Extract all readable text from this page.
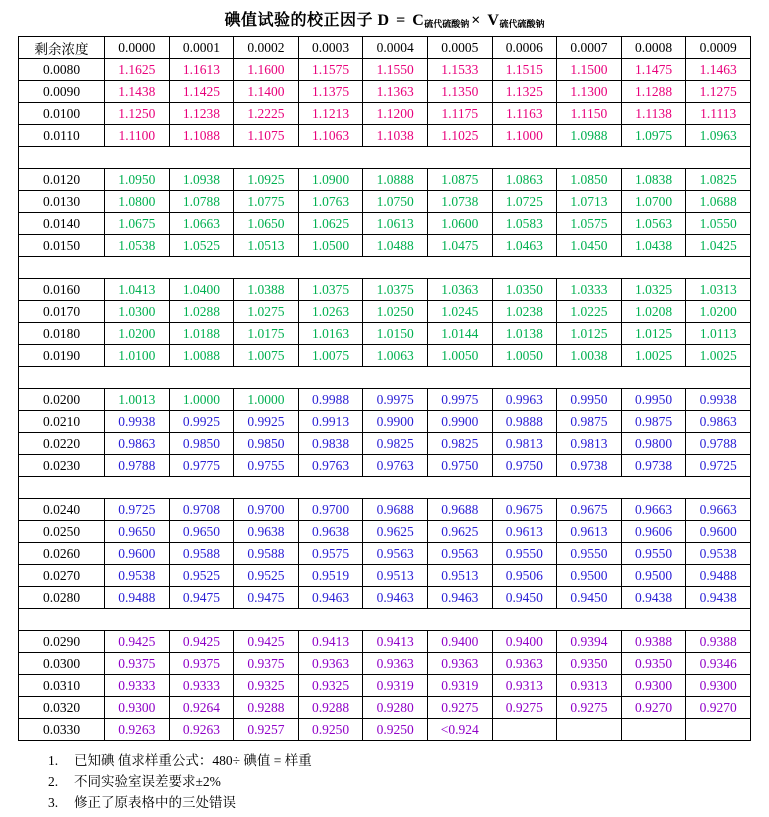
碘值试验的校正因子 D = C硫代硫酸钠 × V硫代硫酸钠
剩余浓度	0.0000	0.0001	0.0002	0.0003	0.0004	0.0005	0.0006	0.0007	0.0008	0.0009
0.0080	1.1625	1.1613	1.1600	1.1575	1.1550	1.1533	1.1515	1.1500	1.1475	1.1463
0.0090	1.1438	1.1425	1.1400	1.1375	1.1363	1.1350	1.1325	1.1300	1.1288	1.1275
0.0100	1.1250	1.1238	1.2225	1.1213	1.1200	1.1175	1.1163	1.1150	1.1138	1.1113
0.0110	1.1100	1.1088	1.1075	1.1063	1.1038	1.1025	1.1000	1.0988	1.0975	1.0963

0.0120	1.0950	1.0938	1.0925	1.0900	1.0888	1.0875	1.0863	1.0850	1.0838	1.0825
0.0130	1.0800	1.0788	1.0775	1.0763	1.0750	1.0738	1.0725	1.0713	1.0700	1.0688
0.0140	1.0675	1.0663	1.0650	1.0625	1.0613	1.0600	1.0583	1.0575	1.0563	1.0550
0.0150	1.0538	1.0525	1.0513	1.0500	1.0488	1.0475	1.0463	1.0450	1.0438	1.0425

0.0160	1.0413	1.0400	1.0388	1.0375	1.0375	1.0363	1.0350	1.0333	1.0325	1.0313
0.0170	1.0300	1.0288	1.0275	1.0263	1.0250	1.0245	1.0238	1.0225	1.0208	1.0200
0.0180	1.0200	1.0188	1.0175	1.0163	1.0150	1.0144	1.0138	1.0125	1.0125	1.0113
0.0190	1.0100	1.0088	1.0075	1.0075	1.0063	1.0050	1.0050	1.0038	1.0025	1.0025

0.0200	1.0013	1.0000	1.0000	0.9988	0.9975	0.9975	0.9963	0.9950	0.9950	0.9938
0.0210	0.9938	0.9925	0.9925	0.9913	0.9900	0.9900	0.9888	0.9875	0.9875	0.9863
0.0220	0.9863	0.9850	0.9850	0.9838	0.9825	0.9825	0.9813	0.9813	0.9800	0.9788
0.0230	0.9788	0.9775	0.9755	0.9763	0.9763	0.9750	0.9750	0.9738	0.9738	0.9725

0.0240	0.9725	0.9708	0.9700	0.9700	0.9688	0.9688	0.9675	0.9675	0.9663	0.9663
0.0250	0.9650	0.9650	0.9638	0.9638	0.9625	0.9625	0.9613	0.9613	0.9606	0.9600
0.0260	0.9600	0.9588	0.9588	0.9575	0.9563	0.9563	0.9550	0.9550	0.9550	0.9538
0.0270	0.9538	0.9525	0.9525	0.9519	0.9513	0.9513	0.9506	0.9500	0.9500	0.9488
0.0280	0.9488	0.9475	0.9475	0.9463	0.9463	0.9463	0.9450	0.9450	0.9438	0.9438

0.0290	0.9425	0.9425	0.9425	0.9413	0.9413	0.9400	0.9400	0.9394	0.9388	0.9388
0.0300	0.9375	0.9375	0.9375	0.9363	0.9363	0.9363	0.9363	0.9350	0.9350	0.9346
0.0310	0.9333	0.9333	0.9325	0.9325	0.9319	0.9319	0.9313	0.9313	0.9300	0.9300
0.0320	0.9300	0.9264	0.9288	0.9288	0.9280	0.9275	0.9275	0.9275	0.9270	0.9270
0.0330	0.9263	0.9263	0.9257	0.9250	0.9250	<0.924				
1. 已知碘 值求样重公式：480÷ 碘值 = 样重
2. 不同实验室误差要求±2%
3. 修正了原表格中的三处错误
